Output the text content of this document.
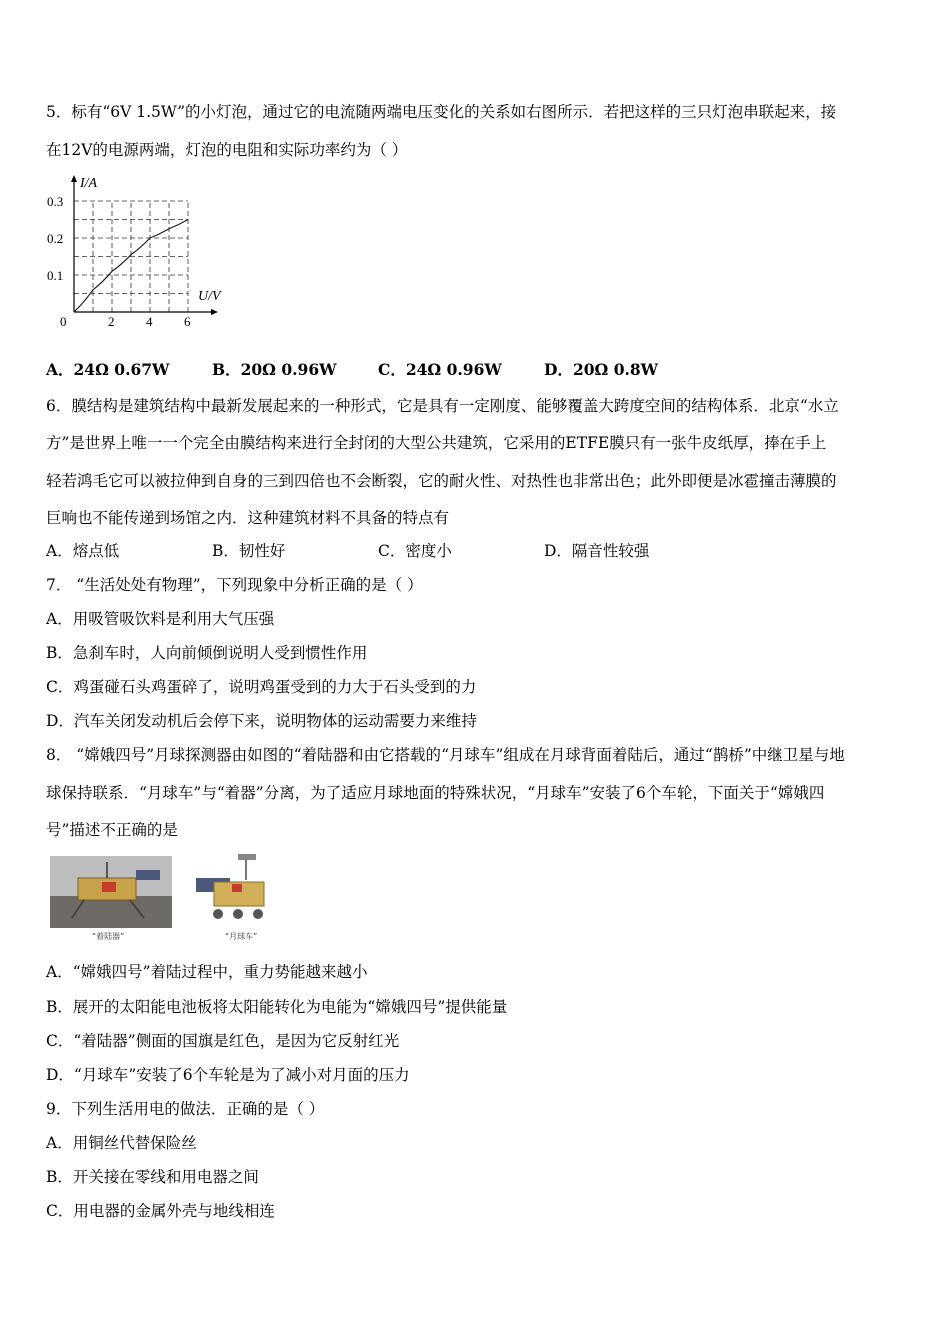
5．标有“6V 1.5W”的小灯泡，通过它的电流随两端电压变化的关系如右图所示．若把这样的三只灯泡串联起来，接
在12V的电源两端，灯泡的电阻和实际功率约为（ ）
0	2 4 6
0.1
0.2
0.3
I/A
U/V
A．24Ω 0.67W	B．20Ω 0.96W	C．24Ω 0.96W	D．20Ω 0.8W
6．膜结构是建筑结构中最新发展起来的一种形式，它是具有一定刚度、能够覆盖大跨度空间的结构体系．北京“水立
方”是世界上唯一一个完全由膜结构来进行全封闭的大型公共建筑，它采用的ETFE膜只有一张牛皮纸厚，捧在手上
轻若鸿毛它可以被拉伸到自身的三到四倍也不会断裂，它的耐火性、对热性也非常出色；此外即便是冰雹撞击薄膜的
巨响也不能传递到场馆之内．这种建筑材料不具备的特点有
A．熔点低	B．韧性好	C．密度小	D．隔音性较强
7． “生活处处有物理”，下列现象中分析正确的是（ ）
A．用吸管吸饮料是利用大气压强
B．急刹车时，人向前倾倒说明人受到惯性作用
C．鸡蛋碰石头鸡蛋碎了，说明鸡蛋受到的力大于石头受到的力
D．汽车关闭发动机后会停下来，说明物体的运动需要力来维持
8． “嫦娥四号”月球探测器由如图的“着陆器和由它搭载的“月球车”组成在月球背面着陆后，通过“鹊桥”中继卫星与地
球保持联系．“月球车”与“着器”分离，为了适应月球地面的特殊状况，“月球车”安装了6个车轮，下面关于“嫦娥四
号”描述不正确的是
“着陆器”	“月球车”
A．“嫦娥四号”着陆过程中，重力势能越来越小
B．展开的太阳能电池板将太阳能转化为电能为“嫦娥四号”提供能量
C．“着陆器”侧面的国旗是红色，是因为它反射红光
D．“月球车”安装了6个车轮是为了减小对月面的压力
9．下列生活用电的做法．正确的是（ ）
A．用铜丝代替保险丝
B．开关接在零线和用电器之间
C．用电器的金属外壳与地线相连
